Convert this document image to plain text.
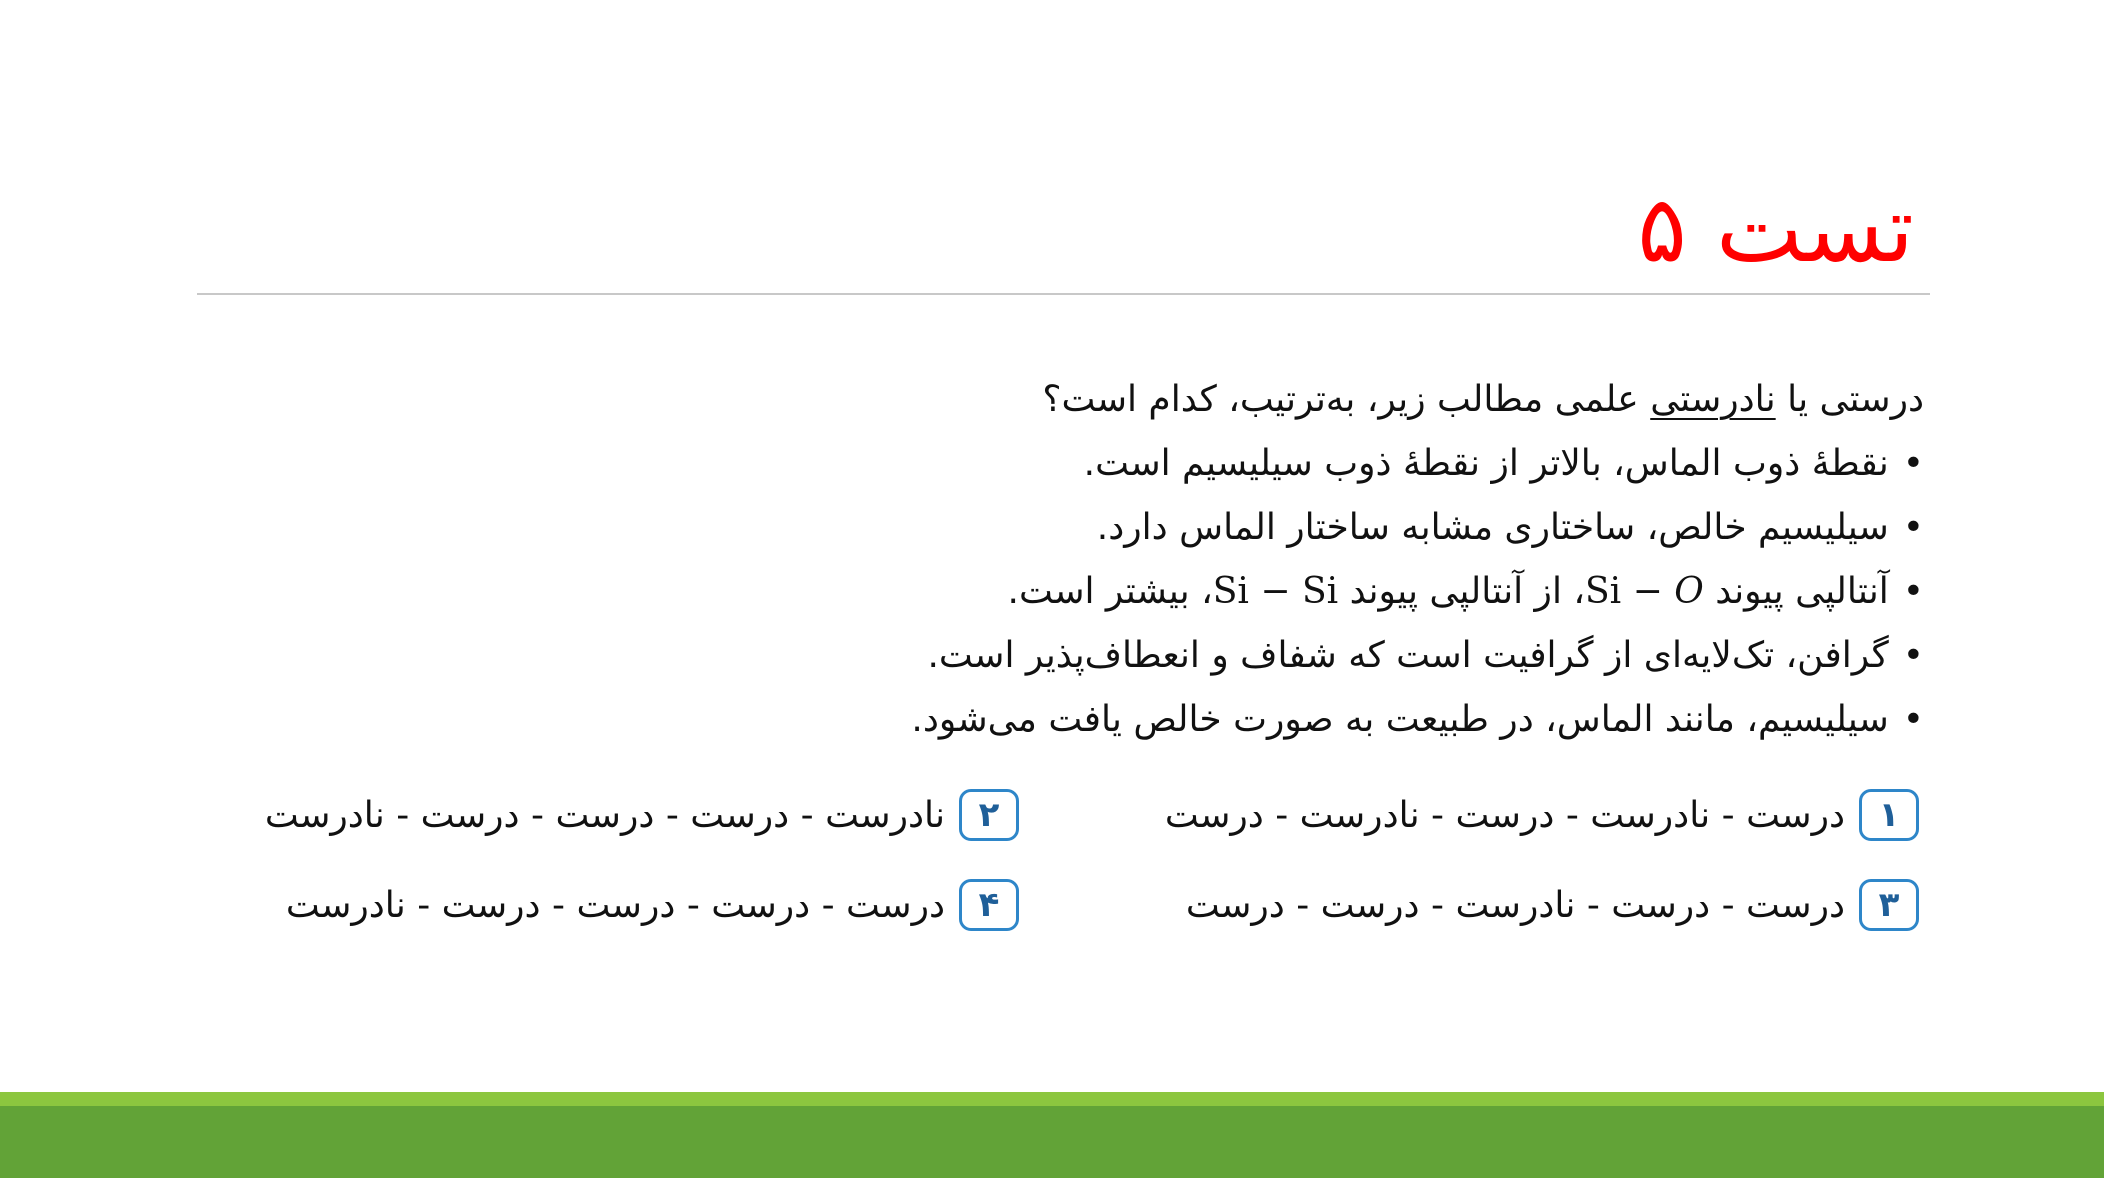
تست ۵
درستی یا نادرستی علمی مطالب زیر، به‌ترتیب، کدام است؟
•نقطهٔ ذوب الماس، بالاتر از نقطهٔ ذوب سیلیسیم است.
•سیلیسیم خالص، ساختاری مشابه ساختار الماس دارد.
•آنتالپی پیوند Si − O، از آنتالپی پیوند Si − Si، بیشتر است.
•گرافن، تک‌لایه‌ای از گرافیت است که شفاف و انعطاف‌پذیر است.
•سیلیسیم، مانند الماس، در طبیعت به صورت خالص یافت می‌شود.
۱
درست - نادرست - درست - نادرست - درست
۲
نادرست - درست - درست - درست - نادرست
۳
درست - درست - نادرست - درست - درست
۴
درست - درست - درست - درست - نادرست
